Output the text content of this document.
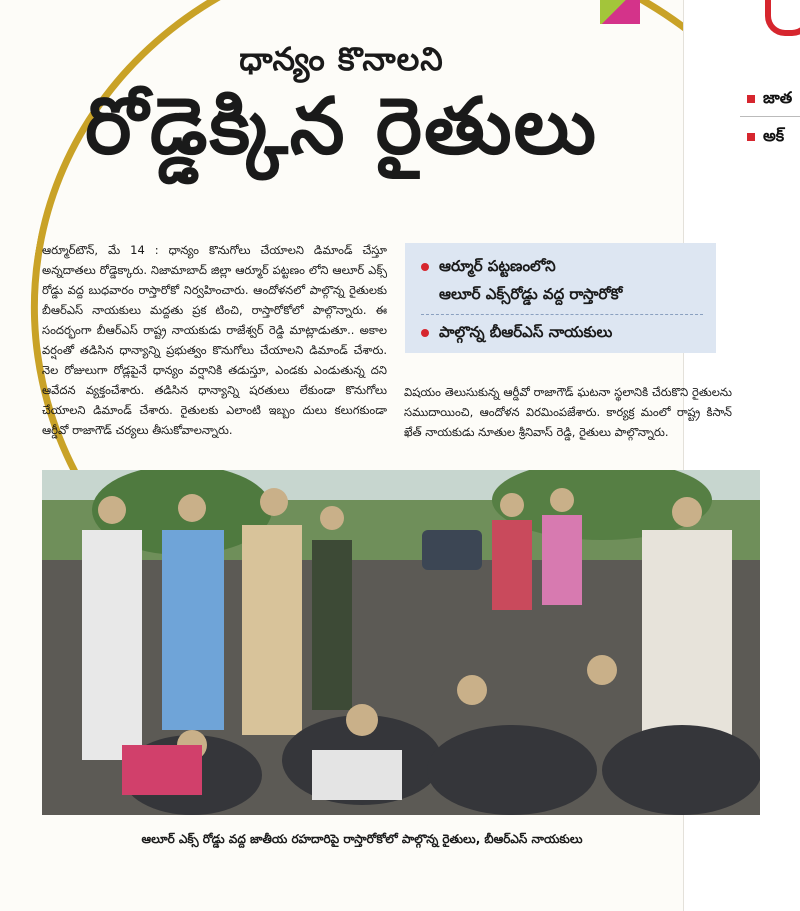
జాత
అక్
ధాన్యం కొనాలని
రోడ్డెక్కిన రైతులు

ఆర్మూర్‌టౌన్, మే 14 : ధాన్యం కొనుగోలు చేయాలని డిమాండ్ చేస్తూ అన్నదాతలు రోడ్డెక్కారు. నిజామాబాద్ జిల్లా ఆర్మూర్ పట్టణం లోని ఆలూర్ ఎక్స్ రోడ్డు వద్ద బుధవారం రాస్తారోకో నిర్వహించారు. ఆందోళనలో పాల్గొన్న రైతులకు బీఆర్ఎస్ నాయకులు మద్దతు ప్రక టించి, రాస్తారోకోలో పాల్గొన్నారు. ఈ సందర్భంగా బీఆర్ఎస్ రాష్ట్ర నాయకుడు రాజేశ్వర్ రెడ్డి మాట్లాడుతూ.. అకాల వర్షంతో తడిసిన ధాన్యాన్ని ప్రభుత్వం కొనుగోలు చేయాలని డిమాండ్ చేశారు. నెల రోజులుగా రోడ్లపైనే ధాన్యం వర్షానికి తడుస్తూ, ఎండకు ఎండుతున్న దని ఆవేదన వ్యక్తంచేశారు. తడిసిన ధాన్యాన్ని షరతులు లేకుండా కొనుగోలు చేయాలని డిమాండ్ చేశారు. రైతులకు ఎలాంటి ఇబ్బం దులు కలుగకుండా ఆర్డీవో రాజాగౌడ్ చర్యలు తీసుకోవాలన్నారు.

ఆర్మూర్ పట్టణంలోని
ఆలూర్ ఎక్స్‌రోడ్డు వద్ద రాస్తారోకో
పాల్గొన్న బీఆర్ఎస్ నాయకులు

విషయం తెలుసుకున్న ఆర్డీవో రాజాగౌడ్ ఘటనా స్థలానికి చేరుకొని రైతులను సముదాయించి, ఆందోళన విరమింపజేశారు. కార్యక్ర మంలో రాష్ట్ర కిసాన్ ఖేత్ నాయకుడు నూతుల శ్రీనివాస్ రెడ్డి, రైతులు పాల్గొన్నారు.

ఆలూర్ ఎక్స్ రోడ్డు వద్ద జాతీయ రహదారిపై రాస్తారోకోలో పాల్గొన్న రైతులు, బీఆర్ఎస్ నాయకులు
